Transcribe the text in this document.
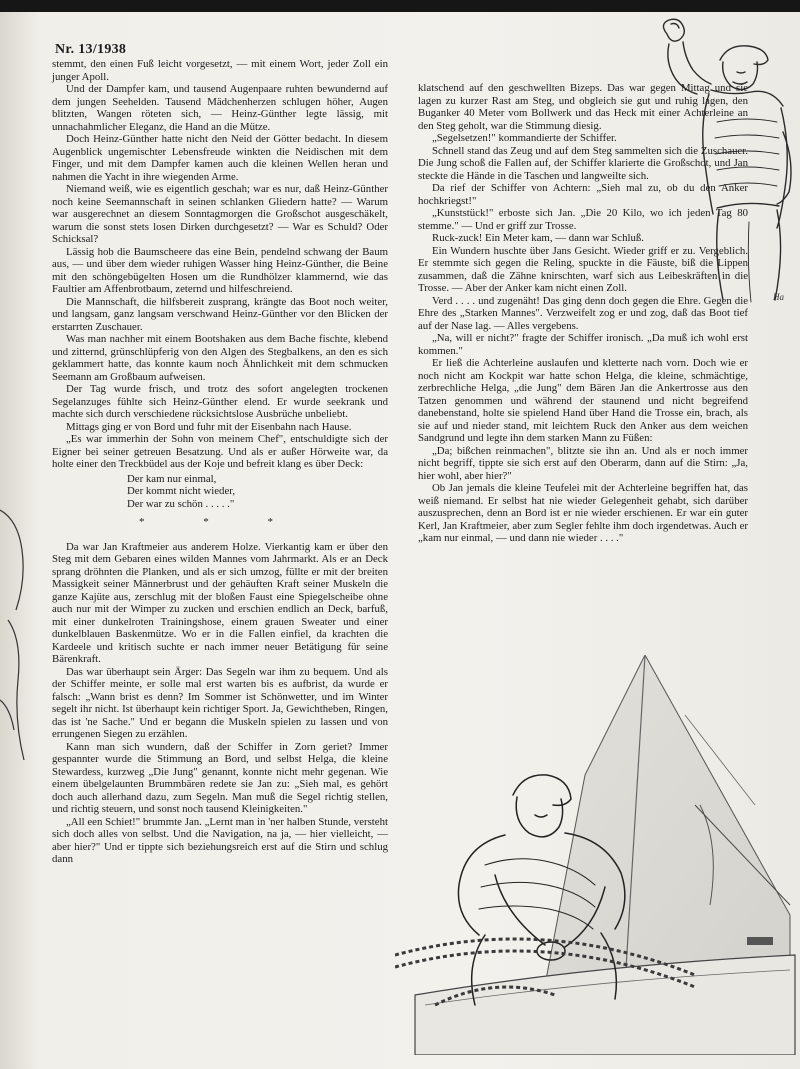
Nr. 13/1938

stemmt, den einen Fuß leicht vorgesetzt, — mit einem Wort, jeder Zoll ein junger Apoll.

Und der Dampfer kam, und tausend Augenpaare ruhten bewundernd auf dem jungen Seehelden. Tausend Mädchenherzen schlugen höher, Augen blitzten, Wangen röteten sich, — Heinz-Günther legte lässig, mit unnachahmlicher Eleganz, die Hand an die Mütze.

Doch Heinz-Günther hatte nicht den Neid der Götter bedacht. In diesem Augenblick ungemischter Lebensfreude winkten die Neidischen mit dem Finger, und mit dem Dampfer kamen auch die kleinen Wellen heran und nahmen die Yacht in ihre wiegenden Arme.

Niemand weiß, wie es eigentlich geschah; war es nur, daß Heinz-Günther noch keine Seemannschaft in seinen schlanken Gliedern hatte? — Warum war ausgerechnet an diesem Sonntagmorgen die Großschot ausgeschäkelt, warum die sonst stets losen Dirken durchgesetzt? — War es Schuld? Oder Schicksal?

Lässig hob die Baumscheere das eine Bein, pendelnd schwang der Baum aus, — und über dem wieder ruhigen Wasser hing Heinz-Günther, die Beine mit den schöngebügelten Hosen um die Rundhölzer klammernd, wie das Faultier am Affenbrotbaum, zeternd und hilfeschreiend.

Die Mannschaft, die hilfsbereit zusprang, krängte das Boot noch weiter, und langsam, ganz langsam verschwand Heinz-Günther vor den Blicken der erstarrten Zuschauer.

Was man nachher mit einem Bootshaken aus dem Bache fischte, klebend und zitternd, grünschlüpferig von den Algen des Stegbalkens, an den es sich geklammert hatte, das konnte kaum noch Ähnlichkeit mit dem schmucken Seemann am Großbaum aufweisen.

Der Tag wurde frisch, und trotz des sofort angelegten trockenen Segelanzuges fühlte sich Heinz-Günther elend. Er wurde seekrank und machte sich durch verschiedene rücksichtslose Ausbrüche unbeliebt.

Mittags ging er von Bord und fuhr mit der Eisenbahn nach Hause.

„Es war immerhin der Sohn von meinem Chef", entschuldigte sich der Eigner bei seiner getreuen Besatzung. Und als er außer Hörweite war, da holte einer den Treckbüdel aus der Koje und befreit klang es über Deck:

Der kam nur einmal,
Der kommt nicht wieder,
Der war zu schön . . . . ."
* * *

Da war Jan Kraftmeier aus anderem Holze. Vierkantig kam er über den Steg mit dem Gebaren eines wilden Mannes vom Jahrmarkt. Als er an Deck sprang dröhnten die Planken, und als er sich umzog, füllte er mit der breiten Massigkeit seiner Männerbrust und der gehäuften Kraft seiner Muskeln die ganze Kajüte aus, zerschlug mit der bloßen Faust eine Spiegelscheibe ohne auch nur mit der Wimper zu zucken und erschien endlich an Deck, barfuß, mit einer dunkelroten Trainingshose, einem grauen Sweater und einer dunkelblauen Baskenmütze. Wo er in die Fallen einfiel, da krachten die Kardeele und kritisch suchte er nach immer neuer Betätigung für seine Bärenkraft.

Das war überhaupt sein Ärger: Das Segeln war ihm zu bequem. Und als der Schiffer meinte, er solle mal erst warten bis es aufbrist, da wurde er falsch: „Wann brist es denn? Im Sommer ist Schönwetter, und im Winter segelt ihr nicht. Ist überhaupt kein richtiger Sport. Ja, Gewichtheben, Ringen, das ist 'ne Sache." Und er begann die Muskeln spielen zu lassen und von errungenen Siegen zu erzählen.

Kann man sich wundern, daß der Schiffer in Zorn geriet? Immer gespannter wurde die Stimmung an Bord, und selbst Helga, die kleine Stewardess, kurzweg „Die Jung" genannt, konnte nicht mehr gegenan. Wie einem übelgelaunten Brummbären redete sie Jan zu: „Sieh mal, es gehört doch auch allerhand dazu, zum Segeln. Man muß die Segel richtig stellen, und richtig steuern, und sonst noch tausend Kleinigkeiten."

„All een Schiet!" brummte Jan. „Lernt man in 'ner halben Stunde, versteht sich doch alles von selbst. Und die Navigation, na ja, — hier vielleicht, — aber hier?" Und er tippte sich beziehungsreich erst auf die Stirn und schlug dann

klatschend auf den geschwellten Bizeps. Das war gegen Mittag und sie lagen zu kurzer Rast am Steg, und obgleich sie gut und ruhig lagen, den Buganker 40 Meter vom Bollwerk und das Heck mit einer Achterleine an den Steg geholt, war die Stimmung diesig.

„Segelsetzen!" kommandierte der Schiffer.

Schnell stand das Zeug und auf dem Steg sammelten sich die Zuschauer. Die Jung schoß die Fallen auf, der Schiffer klarierte die Großschot, und Jan steckte die Hände in die Taschen und langweilte sich.

Da rief der Schiffer von Achtern: „Sieh mal zu, ob du den Anker hochkriegst!"

„Kunststück!" erboste sich Jan. „Die 20 Kilo, wo ich jeden Tag 80 stemme." — Und er griff zur Trosse.

Ruck-zuck! Ein Meter kam, — dann war Schluß.

Ein Wundern huschte über Jans Gesicht. Wieder griff er zu. Vergeblich. Er stemmte sich gegen die Reling, spuckte in die Fäuste, biß die Lippen zusammen, daß die Zähne knirschten, warf sich aus Leibeskräften in die Trosse. — Aber der Anker kam nicht einen Zoll.

Verd . . . . und zugenäht! Das ging denn doch gegen die Ehre. Gegen die Ehre des „Starken Mannes". Verzweifelt zog er und zog, daß das Boot tief auf der Nase lag. — Alles vergebens.

„Na, will er nicht?" fragte der Schiffer ironisch. „Da muß ich wohl erst kommen."

Er ließ die Achterleine auslaufen und kletterte nach vorn. Doch wie er noch nicht am Kockpit war hatte schon Helga, die kleine, schmächtige, zerbrechliche Helga, „die Jung" dem Bären Jan die Ankertrosse aus den Tatzen genommen und während der staunend und nicht begreifend danebenstand, holte sie spielend Hand über Hand die Trosse ein, brach, als sie auf und nieder stand, mit leichtem Ruck den Anker aus dem weichen Sandgrund und legte ihn dem starken Mann zu Füßen:

„Da; bißchen reinmachen", blitzte sie ihn an. Und als er noch immer nicht begriff, tippte sie sich erst auf den Oberarm, dann auf die Stirn: „Ja, hier wohl, aber hier?"

Ob Jan jemals die kleine Teufelei mit der Achterleine begriffen hat, das weiß niemand. Er selbst hat nie wieder Gelegenheit gehabt, sich darüber auszusprechen, denn an Bord ist er nie wieder erschienen. Er war ein guter Kerl, Jan Kraftmeier, aber zum Segler fehlte ihm doch irgendetwas. Auch er „kam nur einmal, — und dann nie wieder . . . ."

Ha
